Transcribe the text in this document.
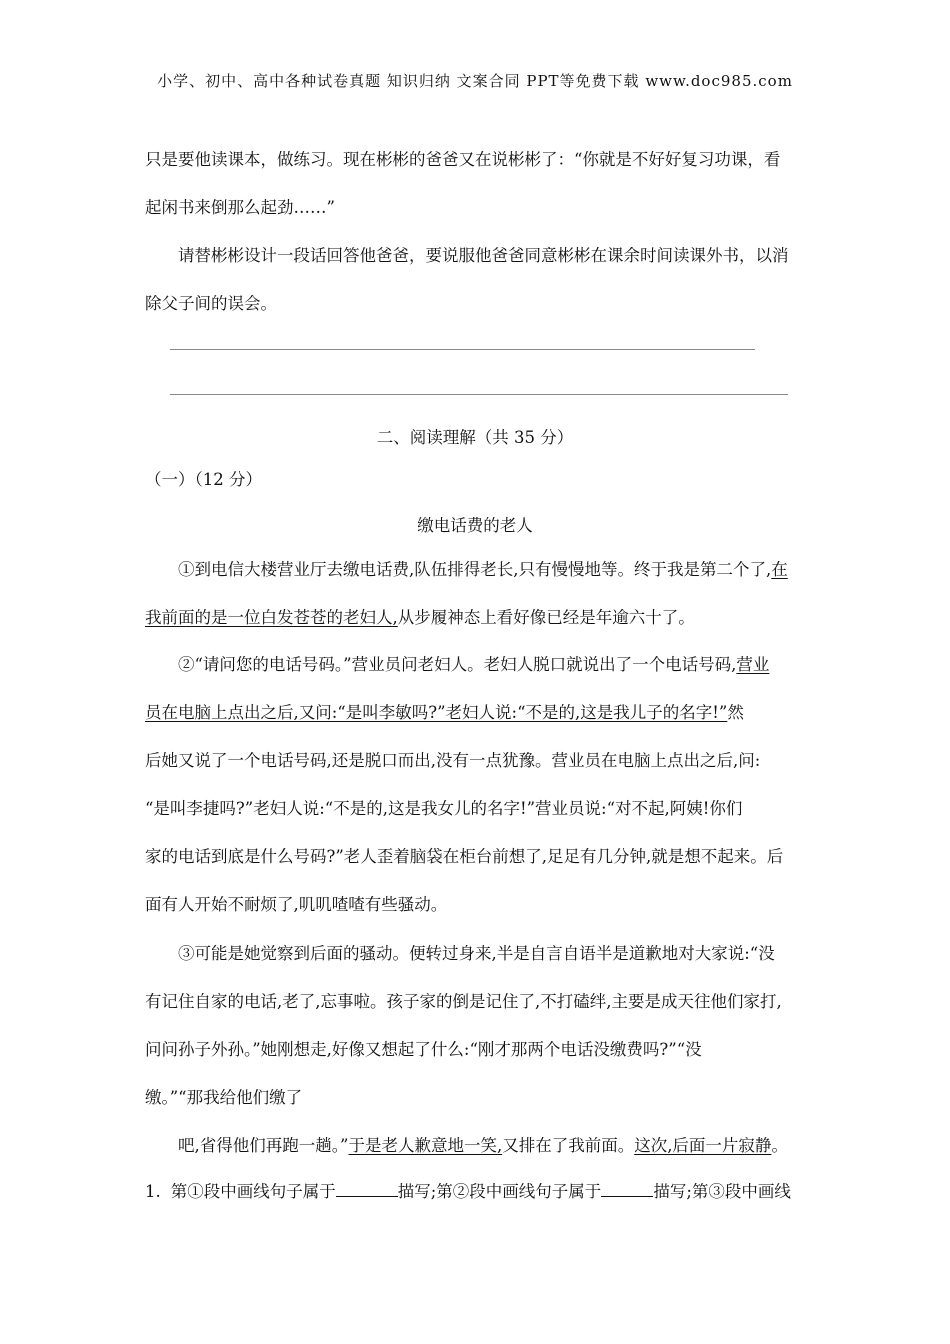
小学、初中、高中各种试卷真题 知识归纳 文案合同 PPT等免费下载 www.doc985.com
只是要他读课本，做练习。现在彬彬的爸爸又在说彬彬了：“你就是不好好复习功课，看
起闲书来倒那么起劲……”
请替彬彬设计一段话回答他爸爸，要说服他爸爸同意彬彬在课余时间读课外书，以消
除父子间的误会。
二、阅读理解（共 35 分）
（一）（12 分）
缴电话费的老人
①到电信大楼营业厅去缴电话费,队伍排得老长,只有慢慢地等。终于我是第二个了,在
我前面的是一位白发苍苍的老妇人,从步履神态上看好像已经是年逾六十了。
②“请问您的电话号码。”营业员问老妇人。老妇人脱口就说出了一个电话号码,营业
员在电脑上点出之后,又问:“是叫李敏吗?”老妇人说:“不是的,这是我儿子的名字!”然
后她又说了一个电话号码,还是脱口而出,没有一点犹豫。营业员在电脑上点出之后,问:
“是叫李捷吗?”老妇人说:“不是的,这是我女儿的名字!”营业员说:“对不起,阿姨!你们
家的电话到底是什么号码?”老人歪着脑袋在柜台前想了,足足有几分钟,就是想不起来。后
面有人开始不耐烦了,叽叽喳喳有些骚动。
③可能是她觉察到后面的骚动。便转过身来,半是自言自语半是道歉地对大家说:“没
有记住自家的电话,老了,忘事啦。孩子家的倒是记住了,不打磕绊,主要是成天往他们家打,
问问孙子外孙。”她刚想走,好像又想起了什么:“刚才那两个电话没缴费吗?”“没
缴。”“那我给他们缴了
吧,省得他们再跑一趟。”于是老人歉意地一笑,又排在了我前面。这次,后面一片寂静。
1. 第①段中画线句子属于	描写;第②段中画线句子属于	描写;第③段中画线
